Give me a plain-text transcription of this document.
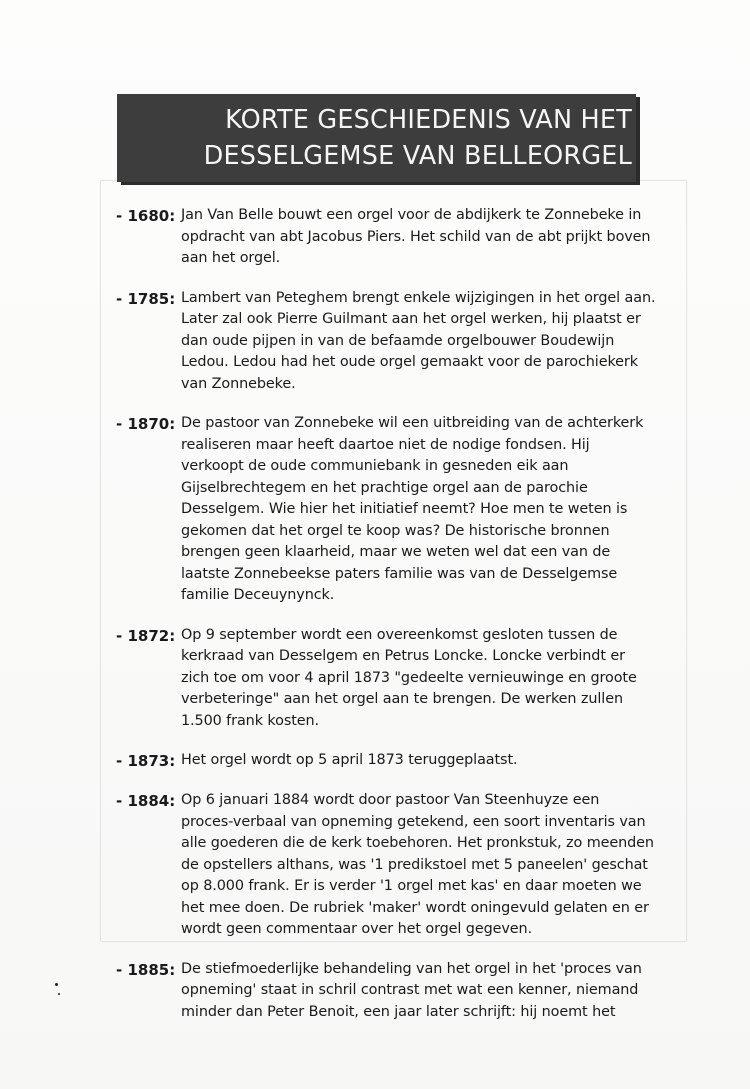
KORTE GESCHIEDENIS VAN HET
DESSELGEMSE VAN BELLEORGEL
- 1680: Jan Van Belle bouwt een orgel voor de abdijkerk te Zonnebeke in opdracht van abt Jacobus Piers. Het schild van de abt prijkt boven aan het orgel.
- 1785: Lambert van Peteghem brengt enkele wijzigingen in het orgel aan. Later zal ook Pierre Guilmant aan het orgel werken, hij plaatst er dan oude pijpen in van de befaamde orgelbouwer Boudewijn Ledou. Ledou had het oude orgel gemaakt voor de parochiekerk van Zonnebeke.
- 1870: De pastoor van Zonnebeke wil een uitbreiding van de achterkerk realiseren maar heeft daartoe niet de nodige fondsen. Hij verkoopt de oude communiebank in gesneden eik aan Gijselbrechtegem en het prachtige orgel aan de parochie Desselgem. Wie hier het initiatief neemt? Hoe men te weten is gekomen dat het orgel te koop was? De historische bronnen brengen geen klaarheid, maar we weten wel dat een van de laatste Zonnebeekse paters familie was van de Desselgemse familie Deceuynynck.
- 1872: Op 9 september wordt een overeenkomst gesloten tussen de kerkraad van Desselgem en Petrus Loncke. Loncke verbindt er zich toe om voor 4 april 1873 "gedeelte vernieuwinge en groote verbeteringe" aan het orgel aan te brengen. De werken zullen 1.500 frank kosten.
- 1873: Het orgel wordt op 5 april 1873 teruggeplaatst.
- 1884: Op 6 januari 1884 wordt door pastoor Van Steenhuyze een proces-verbaal van opneming getekend, een soort inventaris van alle goederen die de kerk toebehoren. Het pronkstuk, zo meenden de opstellers althans, was '1 predikstoel met 5 paneelen' geschat op 8.000 frank. Er is verder '1 orgel met kas' en daar moeten we het mee doen. De rubriek 'maker' wordt oningevuld gelaten en er wordt geen commentaar over het orgel gegeven.
- 1885: De stiefmoederlijke behandeling van het orgel in het 'proces van opneming' staat in schril contrast met wat een kenner, niemand minder dan Peter Benoit, een jaar later schrijft: hij noemt het
